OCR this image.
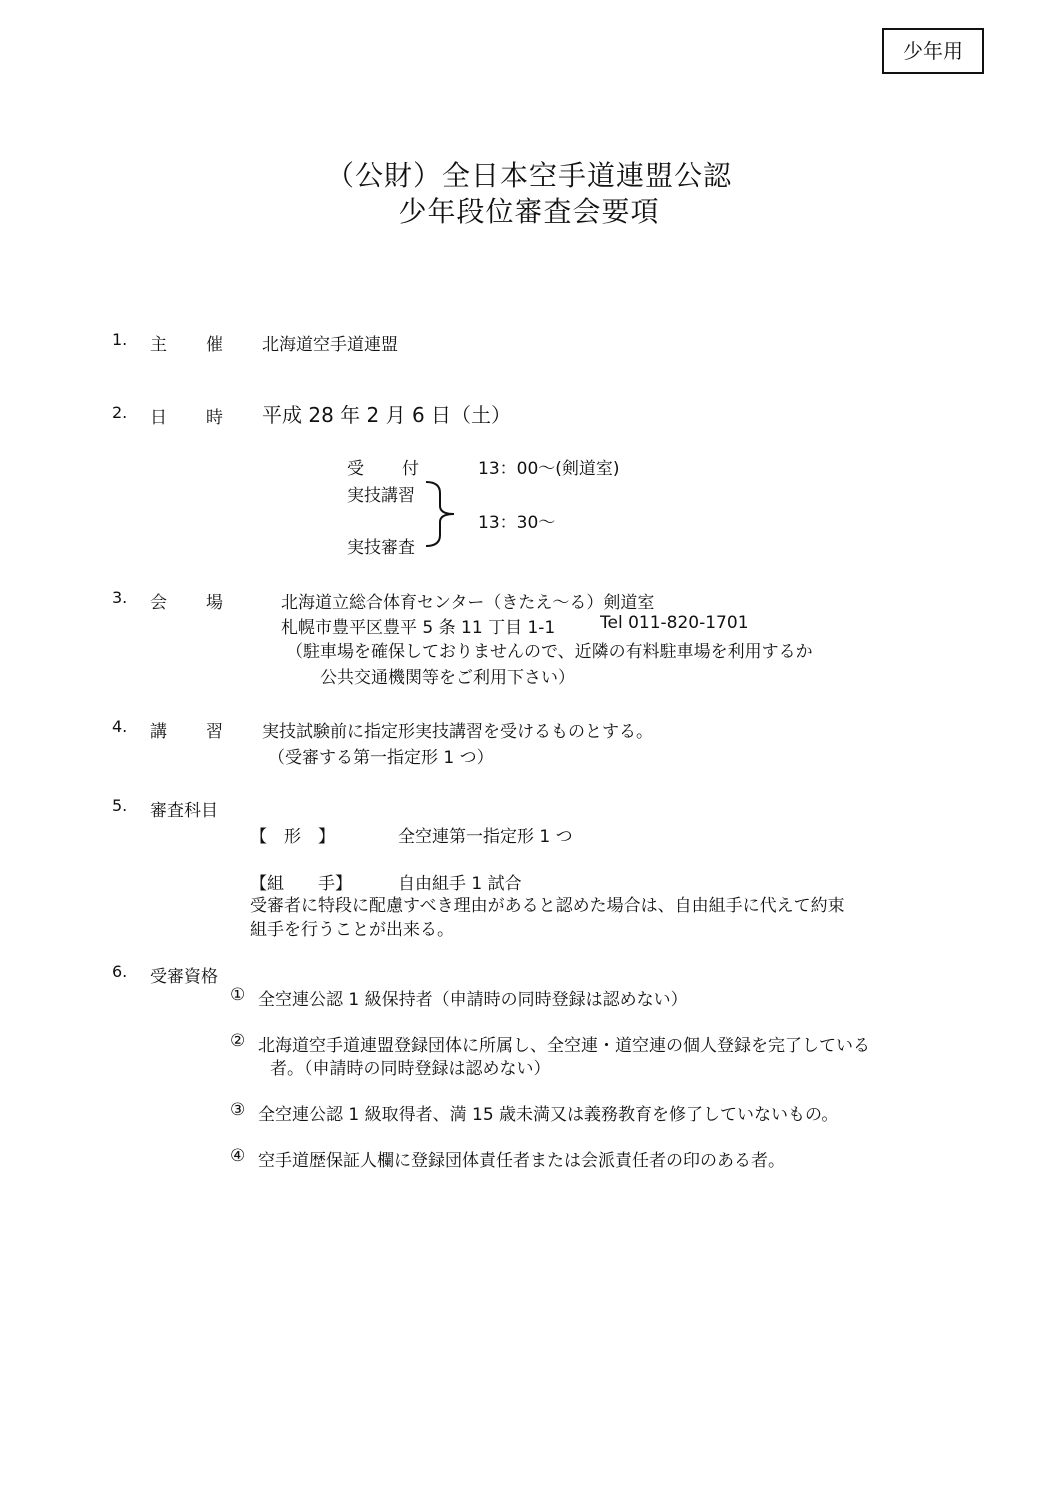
少年用
（公財）全日本空手道連盟公認
少年段位審査会要項
1. 主 催 北海道空手道連盟
2. 日 時 平成 28 年 2 月 6 日（土）
受 付	13：00～(剣道室)
実技講習
13：30～
実技審査
3. 会 場	北海道立総合体育センター（きたえ～る）剣道室
札幌市豊平区豊平 5 条 11 丁目 1-1	Tel 011-820-1701
（駐車場を確保しておりませんので、近隣の有料駐車場を利用するか
公共交通機関等をご利用下さい）
4. 講 習 実技試験前に指定形実技講習を受けるものとする。
（受審する第一指定形 1 つ）
5. 審査科目
【　形　】	全空連第一指定形 1 つ
【組　　手】	自由組手 1 試合
受審者に特段に配慮すべき理由があると認めた場合は、自由組手に代えて約束
組手を行うことが出来る。
6. 受審資格
① 全空連公認 1 級保持者（申請時の同時登録は認めない）
② 北海道空手道連盟登録団体に所属し、全空連・道空連の個人登録を完了している
者。（申請時の同時登録は認めない）
③ 全空連公認 1 級取得者、満 15 歳未満又は義務教育を修了していないもの。
④ 空手道歴保証人欄に登録団体責任者または会派責任者の印のある者。
